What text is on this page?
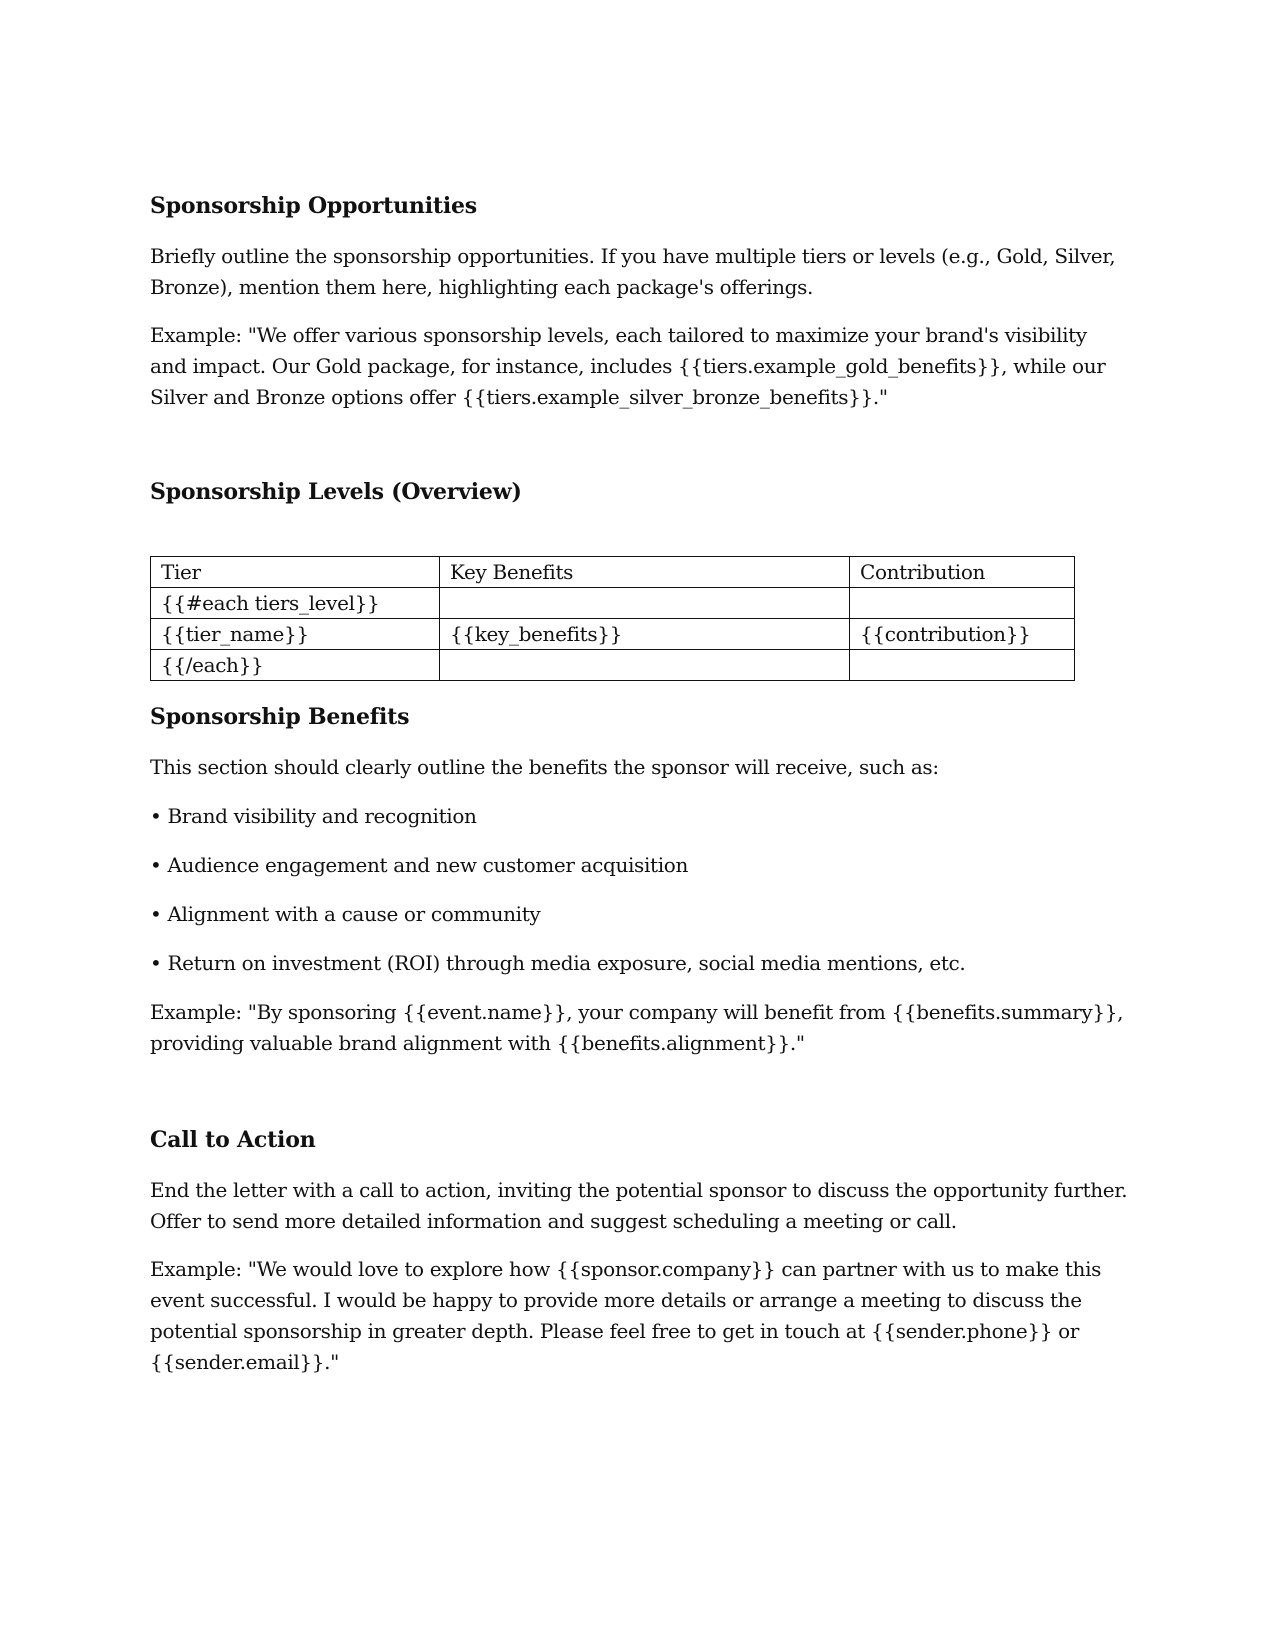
Sponsorship Opportunities
Briefly outline the sponsorship opportunities. If you have multiple tiers or levels (e.g., Gold, Silver,
Bronze), mention them here, highlighting each package's offerings.
Example: "We offer various sponsorship levels, each tailored to maximize your brand's visibility
and impact. Our Gold package, for instance, includes {{tiers.example_gold_benefits}}, while our
Silver and Bronze options offer {{tiers.example_silver_bronze_benefits}}."
Sponsorship Levels (Overview)
Tier	Key Benefits	Contribution
{{#each tiers_level}}		
{{tier_name}}	{{key_benefits}}	{{contribution}}
{{/each}}		
Sponsorship Benefits
This section should clearly outline the benefits the sponsor will receive, such as:
• Brand visibility and recognition
• Audience engagement and new customer acquisition
• Alignment with a cause or community
• Return on investment (ROI) through media exposure, social media mentions, etc.
Example: "By sponsoring {{event.name}}, your company will benefit from {{benefits.summary}},
providing valuable brand alignment with {{benefits.alignment}}."
Call to Action
End the letter with a call to action, inviting the potential sponsor to discuss the opportunity further.
Offer to send more detailed information and suggest scheduling a meeting or call.
Example: "We would love to explore how {{sponsor.company}} can partner with us to make this
event successful. I would be happy to provide more details or arrange a meeting to discuss the
potential sponsorship in greater depth. Please feel free to get in touch at {{sender.phone}} or
{{sender.email}}."
